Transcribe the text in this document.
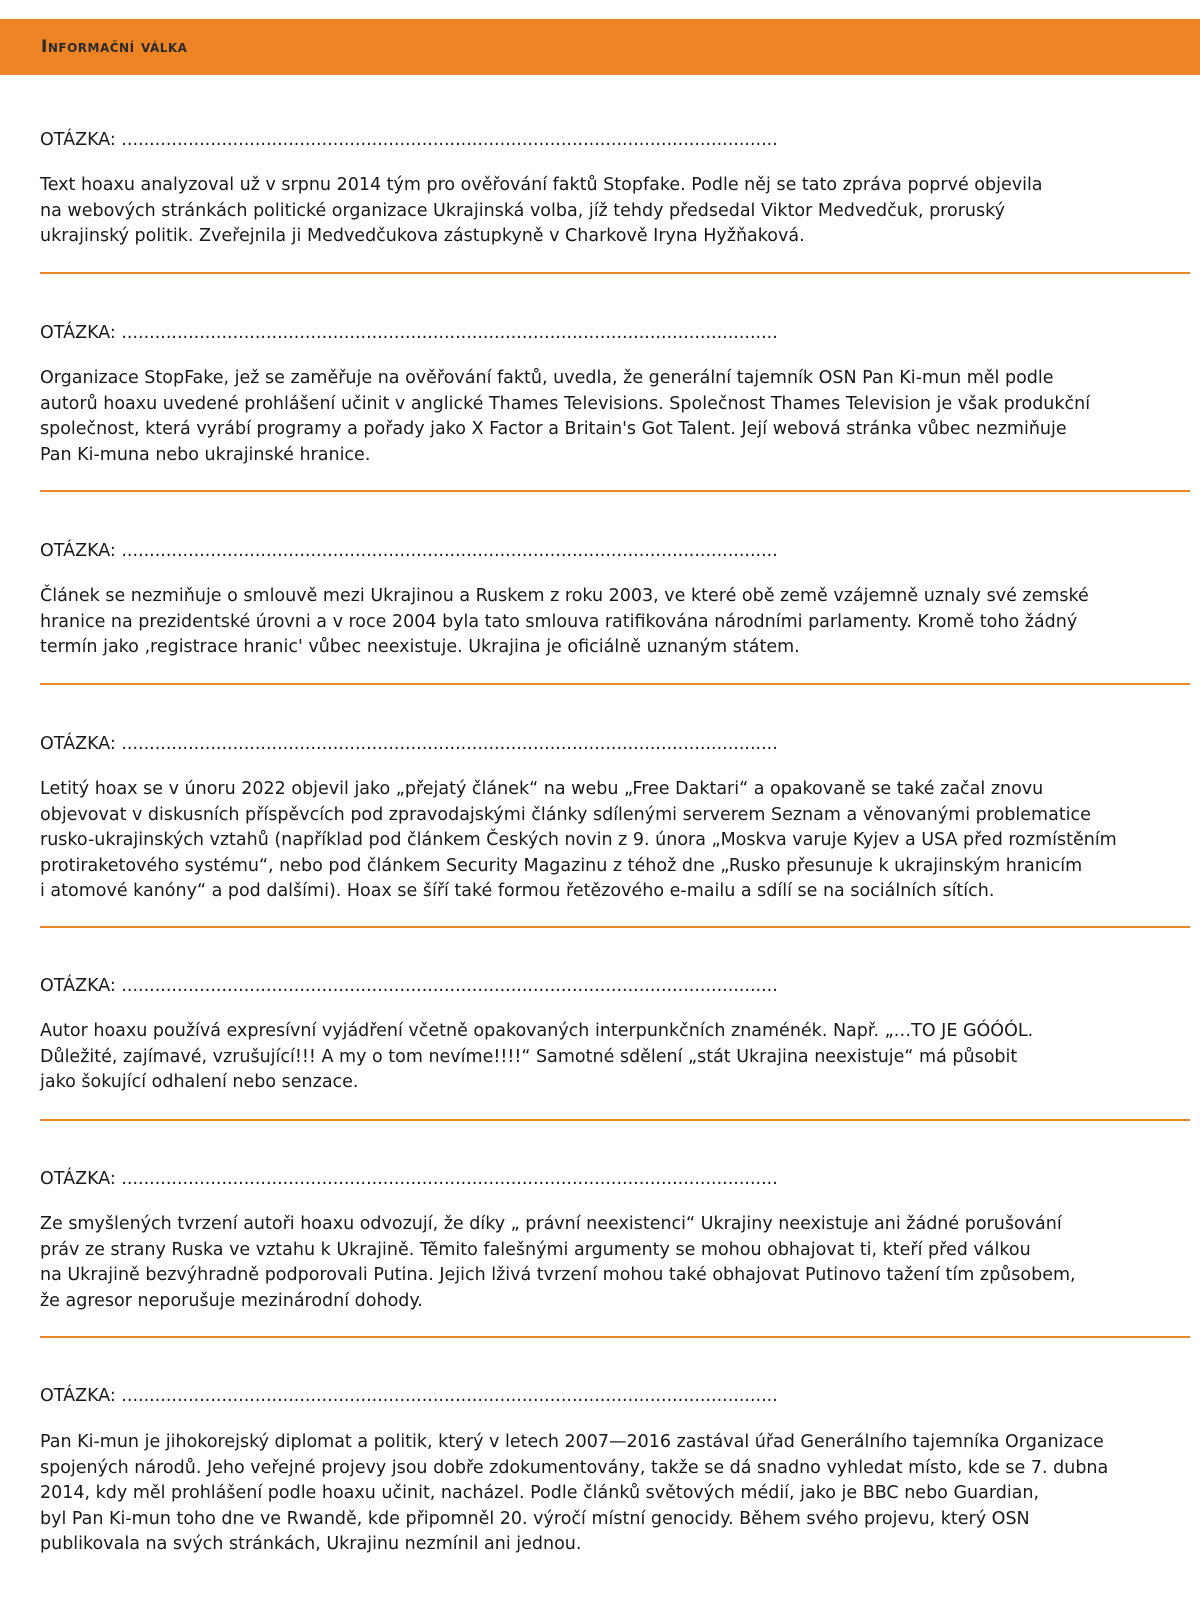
Informační válka
OTÁZKA: ......................................................................................................................
Text hoaxu analyzoval už v srpnu 2014 tým pro ověřování faktů Stopfake. Podle něj se tato zpráva poprvé objevila
na webových stránkách politické organizace Ukrajinská volba, jíž tehdy předsedal Viktor Medvedčuk, proruský
ukrajinský politik. Zveřejnila ji Medvedčukova zástupkyně v Charkově Iryna Hyžňaková.
OTÁZKA: ......................................................................................................................
Organizace StopFake, jež se zaměřuje na ověřování faktů, uvedla, že generální tajemník OSN Pan Ki-mun měl podle
autorů hoaxu uvedené prohlášení učinit v anglické Thames Televisions. Společnost Thames Television je však produkční
společnost, která vyrábí programy a pořady jako X Factor a Britain's Got Talent. Její webová stránka vůbec nezmiňuje
Pan Ki-muna nebo ukrajinské hranice.
OTÁZKA: ......................................................................................................................
Článek se nezmiňuje o smlouvě mezi Ukrajinou a Ruskem z roku 2003, ve které obě země vzájemně uznaly své zemské
hranice na prezidentské úrovni a v roce 2004 byla tato smlouva ratifikována národními parlamenty. Kromě toho žádný
termín jako ‚registrace hranic' vůbec neexistuje. Ukrajina je oficiálně uznaným státem.
OTÁZKA: ......................................................................................................................
Letitý hoax se v únoru 2022 objevil jako „přejatý článek“ na webu „Free Daktari“ a opakovaně se také začal znovu
objevovat v diskusních příspěvcích pod zpravodajskými články sdílenými serverem Seznam a věnovanými problematice
rusko-ukrajinských vztahů (například pod článkem Českých novin z 9. února „Moskva varuje Kyjev a USA před rozmístěním
protiraketového systému“, nebo pod článkem Security Magazinu z téhož dne „Rusko přesunuje k ukrajinským hranicím
i atomové kanóny“ a pod dalšími). Hoax se šíří také formou řetězového e-mailu a sdílí se na sociálních sítích.
OTÁZKA: ......................................................................................................................
Autor hoaxu používá expresívní vyjádření včetně opakovaných interpunkčních znaménék. Např. „…TO JE GÓÓÓL.
Důležité, zajímavé, vzrušující!!! A my o tom nevíme!!!!“ Samotné sdělení „stát Ukrajina neexistuje“ má působit
jako šokující odhalení nebo senzace.
OTÁZKA: ......................................................................................................................
Ze smyšlených tvrzení autoři hoaxu odvozují, že díky „ právní neexistenci“ Ukrajiny neexistuje ani žádné porušování
práv ze strany Ruska ve vztahu k Ukrajině. Těmito falešnými argumenty se mohou obhajovat ti, kteří před válkou
na Ukrajině bezvýhradně podporovali Putina. Jejich lživá tvrzení mohou také obhajovat Putinovo tažení tím způsobem,
že agresor neporušuje mezinárodní dohody.
OTÁZKA: ......................................................................................................................
Pan Ki-mun je jihokorejský diplomat a politik, který v letech 2007—2016 zastával úřad Generálního tajemníka Organizace
spojených národů. Jeho veřejné projevy jsou dobře zdokumentovány, takže se dá snadno vyhledat místo, kde se 7. dubna
2014, kdy měl prohlášení podle hoaxu učinit, nacházel. Podle článků světových médií, jako je BBC nebo Guardian,
byl Pan Ki-mun toho dne ve Rwandě, kde připomněl 20. výročí místní genocidy. Během svého projevu, který OSN
publikovala na svých stránkách, Ukrajinu nezmínil ani jednou.
